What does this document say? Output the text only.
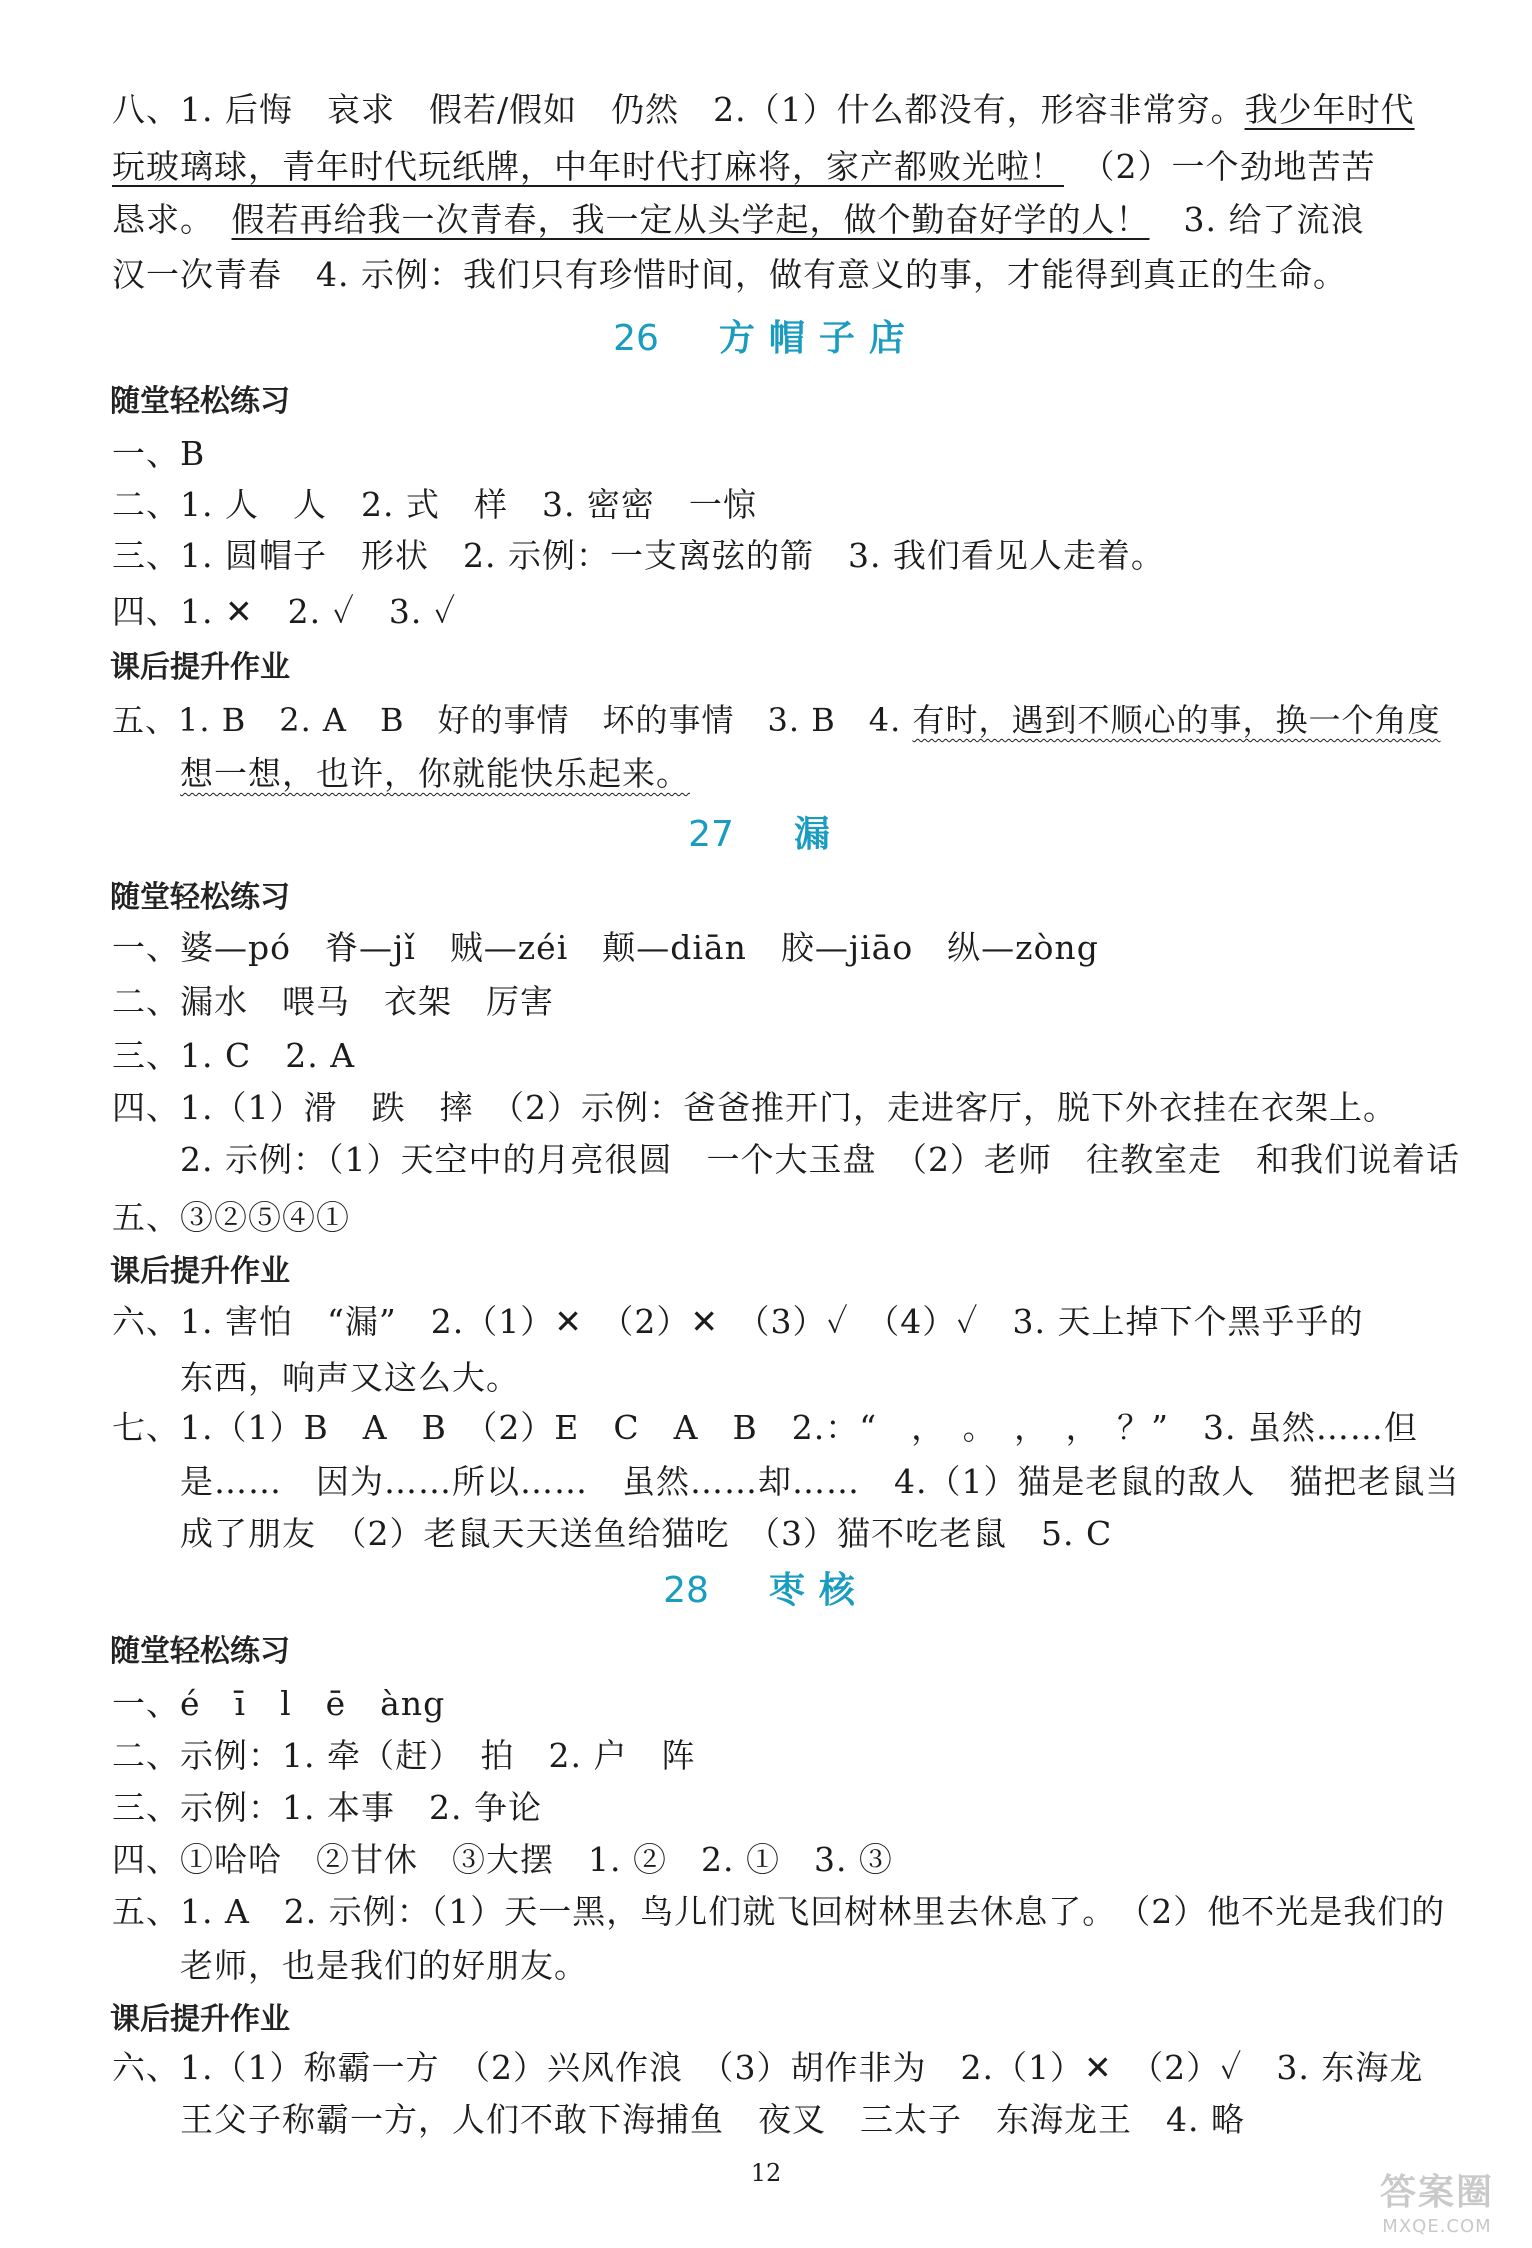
八、1. 后悔　哀求　假若/假如　仍然　2.（1）什么都没有，形容非常穷。我少年时代

玩玻璃球，青年时代玩纸牌，中年时代打麻将，家产都败光啦！　（2）一个劲地苦苦

恳求。　假若再给我一次青春，我一定从头学起，做个勤奋好学的人！　3. 给了流浪

汉一次青春　4. 示例：我们只有珍惜时间，做有意义的事，才能得到真正的生命。

26 方帽子店

随堂轻松练习

一、B

二、1. 人　人　2. 式　样　3. 密密　一惊

三、1. 圆帽子　形状　2. 示例：一支离弦的箭　3. 我们看见人走着。

四、1. ✕　2. ✓　3. ✓

课后提升作业

五、1. B　2. A　B　好的事情　坏的事情　3. B　4. 有时，遇到不顺心的事，换一个角度

想一想，也许，你就能快乐起来。

27 漏

随堂轻松练习

一、婆—pó　脊—jǐ　贼—zéi　颠—diān　胶—jiāo　纵—zòng

二、漏水　喂马　衣架　厉害

三、1. C　2. A

四、1.（1）滑　跌　摔　（2）示例：爸爸推开门，走进客厅，脱下外衣挂在衣架上。

2. 示例：（1）天空中的月亮很圆　一个大玉盘　（2）老师　往教室走　和我们说着话

五、③②⑤④①

课后提升作业

六、1. 害怕　“漏”　2.（1）✕　（2）✕　（3）✓　（4）✓　3. 天上掉下个黑乎乎的

东西，响声又这么大。

七、1.（1）B　A　B　（2）E　C　A　B　2.：“　，　。　，　，　？”　3. 虽然……但

是……　因为……所以……　虽然……却……　4.（1）猫是老鼠的敌人　猫把老鼠当

成了朋友　（2）老鼠天天送鱼给猫吃　（3）猫不吃老鼠　5. C

28 枣核

随堂轻松练习

一、é　ī　l　ē　àng

二、示例：1. 牵（赶）　拍　2. 户　阵

三、示例：1. 本事　2. 争论

四、①哈哈　②甘休　③大摆　1. ②　2. ①　3. ③

五、1. A　2. 示例：（1）天一黑，鸟儿们就飞回树林里去休息了。　（2）他不光是我们的

老师，也是我们的好朋友。

课后提升作业

六、1.（1）称霸一方　（2）兴风作浪　（3）胡作非为　2.（1）✕　（2）✓　3. 东海龙

王父子称霸一方，人们不敢下海捕鱼　夜叉　三太子　东海龙王　4. 略

12	答案圈
MXQE.COM
